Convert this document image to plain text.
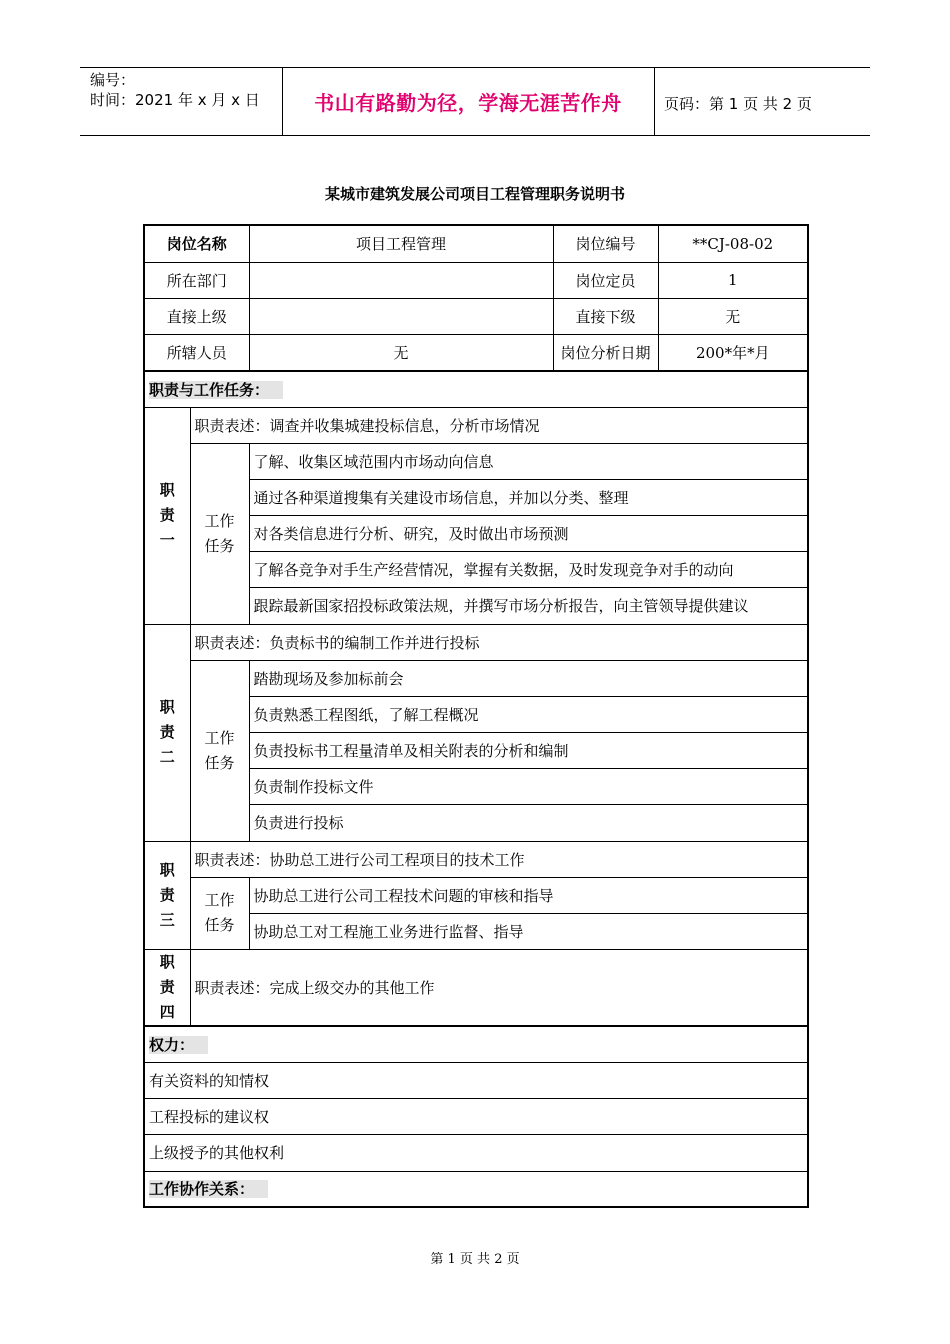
编号：
时间：2021 年 x 月 x 日	书山有路勤为径，学海无涯苦作舟	页码：第 1 页 共 2 页
某城市建筑发展公司项目工程管理职务说明书
岗位名称		项目工程管理	岗位编号	**CJ-08-02
所在部门			岗位定员	1
直接上级			直接下级	无
所辖人员		无	岗位分析日期	200*年*月
职责与工作任务：				

职
责
一	职责表述：调查并收集城建投标信息，分析市场情况			

	工作
任务	了解、收集区域范围内市场动向信息		
		通过各种渠道搜集有关建设市场信息，并加以分类、整理		
		对各类信息进行分析、研究，及时做出市场预测		
		了解各竞争对手生产经营情况，掌握有关数据，及时发现竞争对手的动向		
		跟踪最新国家招投标政策法规，并撰写市场分析报告，向主管领导提供建议		

职
责
二	职责表述：负责标书的编制工作并进行投标			

	工作
任务	踏勘现场及参加标前会		
		负责熟悉工程图纸，了解工程概况		
		负责投标书工程量清单及相关附表的分析和编制		
		负责制作投标文件		
		负责进行投标		

职
责
三	职责表述：协助总工进行公司工程项目的技术工作			

	工作
任务	协助总工进行公司工程技术问题的审核和指导		
		协助总工对工程施工业务进行监督、指导		

职
责
四	职责表述：完成上级交办的其他工作			
权力：				
有关资料的知情权				
工程投标的建议权				
上级授予的其他权利				
工作协作关系：				
第 1 页 共 2 页
